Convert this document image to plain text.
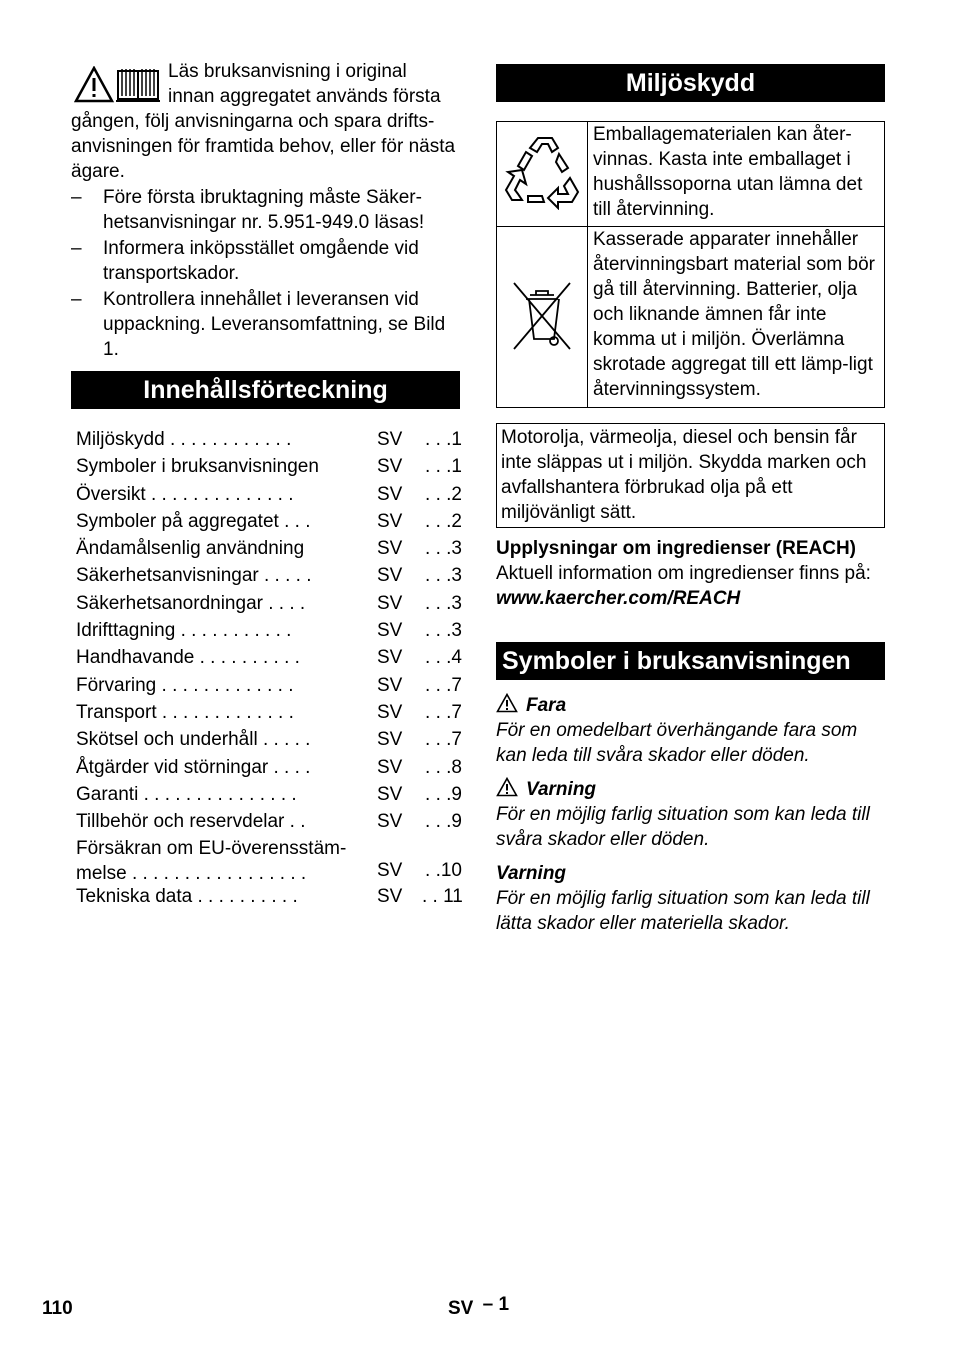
Läs bruksanvisning i original
innan aggregatet används första
gången, följ anvisningarna och spara drifts-anvisningen för framtida behov, eller för nästa ägare.
–	Före första ibruktagning måste Säker-hetsanvisningar nr. 5.951-949.0 läsas!
–	Informera inköpsstället omgående vid transportskador.
–	Kontrollera innehållet i leveransen vid uppackning. Leveransomfattning, se Bild 1.
Innehållsförteckning
Miljöskydd . . . . . . . . . . . .	SV . . .1
Symboler i bruksanvisningen	SV . . .1
Översikt . . . . . . . . . . . . . .	SV . . .2
Symboler på aggregatet . . .	SV . . .2
Ändamålsenlig användning	SV . . .3
Säkerhetsanvisningar . . . . .	SV . . .3
Säkerhetsanordningar . . . .	SV . . .3
Idrifttagning . . . . . . . . . . .	SV . . .3
Handhavande . . . . . . . . . .	SV . . .4
Förvaring . . . . . . . . . . . . .	SV . . .7
Transport . . . . . . . . . . . . .	SV . . .7
Skötsel och underhåll . . . . .	SV . . .7
Åtgärder vid störningar . . . .	SV . . .8
Garanti . . . . . . . . . . . . . . .	SV . . .9
Tillbehör och reservdelar . .	SV . . .9
Försäkran om EU-överensstäm-melse . . . . . . . . . . . . . . . . .	SV . .10
Tekniska data . . . . . . . . . .	SV . . 11
Miljöskydd
	Emballagematerialen kan åter-vinnas. Kasta inte emballaget i hushållssoporna utan lämna det till återvinning.
	Kasserade apparater innehåller återvinningsbart material som bör gå till återvinning. Batterier, olja och liknande ämnen får inte komma ut i miljön. Överlämna skrotade aggregat till ett lämp-ligt återvinningssystem.
Motorolja, värmeolja, diesel och bensin får inte släppas ut i miljön. Skydda marken och avfallshantera förbrukad olja på ett miljövänligt sätt.
Upplysningar om ingredienser (REACH)
Aktuell information om ingredienser finns på:
www.kaercher.com/REACH
Symboler i bruksanvisningen
Fara
För en omedelbart överhängande fara som kan leda till svåra skador eller döden.
Varning
För en möjlig farlig situation som kan leda till svåra skador eller döden.
Varning
För en möjlig farlig situation som kan leda till lätta skador eller materiella skador.
110	SV – 1
